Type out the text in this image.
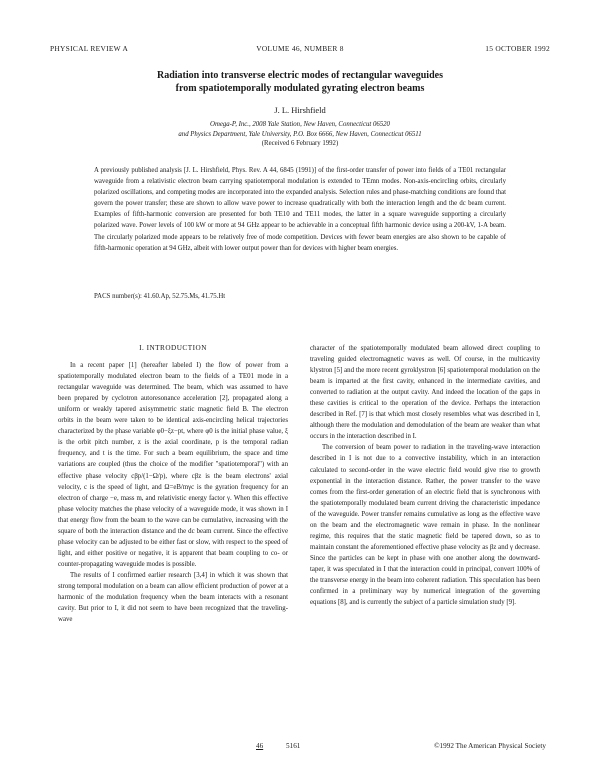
PHYSICAL REVIEW A	VOLUME 46, NUMBER 8	15 OCTOBER 1992
Radiation into transverse electric modes of rectangular waveguides
from spatiotemporally modulated gyrating electron beams
J. L. Hirshfield
Omega-P, Inc., 2008 Yale Station, New Haven, Connecticut 06520
and Physics Department, Yale University, P.O. Box 6666, New Haven, Connecticut 06511
(Received 6 February 1992)
A previously published analysis [J. L. Hirshfield, Phys. Rev. A 44, 6845 (1991)] of the first-order transfer of power into fields of a TE01 rectangular waveguide from a relativistic electron beam carrying spatiotemporal modulation is extended to TEmn modes. Non-axis-encircling orbits, circularly polarized oscillations, and competing modes are incorporated into the expanded analysis. Selection rules and phase-matching conditions are found that govern the power transfer; these are shown to allow wave power to increase quadratically with both the interaction length and the dc beam current. Examples of fifth-harmonic conversion are presented for both TE10 and TE11 modes, the latter in a square waveguide supporting a circularly polarized wave. Power levels of 100 kW or more at 94 GHz appear to be achievable in a conceptual fifth harmonic device using a 200-kV, 1-A beam. The circularly polarized mode appears to be relatively free of mode competition. Devices with fewer beam energies are also shown to be capable of fifth-harmonic operation at 94 GHz, albeit with lower output power than for devices with higher beam energies.
PACS number(s): 41.60.Ap, 52.75.Ms, 41.75.Ht
I. INTRODUCTION

In a recent paper [1] (hereafter labeled I) the flow of power from a spatiotemporally modulated electron beam to the fields of a TE01 mode in a rectangular waveguide was determined. The beam, which was assumed to have been prepared by cyclotron autoresonance acceleration [2], propagated along a uniform or weakly tapered axisymmetric static magnetic field B. The electron orbits in the beam were taken to be identical axis-encircling helical trajectories characterized by the phase variable φ0−ξz−pt, where φ0 is the initial phase value, ξ is the orbit pitch number, z is the axial coordinate, p is the temporal radian frequency, and t is the time. For such a beam equilibrium, the space and time variations are coupled (thus the choice of the modifier "spatiotemporal") with an effective phase velocity cβp/(1−Ω/p), where cβz is the beam electrons' axial velocity, c is the speed of light, and Ω=eB/mγc is the gyration frequency for an electron of charge −e, mass m, and relativistic energy factor γ. When this effective phase velocity matches the phase velocity of a waveguide mode, it was shown in I that energy flow from the beam to the wave can be cumulative, increasing with the square of both the interaction distance and the dc beam current. Since the effective phase velocity can be adjusted to be either fast or slow, with respect to the speed of light, and either positive or negative, it is apparent that beam coupling to co- or counter-propagating waveguide modes is possible.

The results of I confirmed earlier research [3,4] in which it was shown that strong temporal modulation on a beam can allow efficient production of power at a harmonic of the modulation frequency when the beam interacts with a resonant cavity. But prior to I, it did not seem to have been recognized that the traveling-wave

character of the spatiotemporally modulated beam allowed direct coupling to traveling guided electromagnetic waves as well. Of course, in the multicavity klystron [5] and the more recent gyroklystron [6] spatiotemporal modulation on the beam is imparted at the first cavity, enhanced in the intermediate cavities, and converted to radiation at the output cavity. And indeed the location of the gaps in these cavities is critical to the operation of the device. Perhaps the interaction described in Ref. [7] is that which most closely resembles what was described in I, although there the modulation and demodulation of the beam are weaker than what occurs in the interaction described in I.

The conversion of beam power to radiation in the traveling-wave interaction described in I is not due to a convective instability, which in an interaction calculated to second-order in the wave electric field would give rise to growth exponential in the interaction distance. Rather, the power transfer to the wave comes from the first-order generation of an electric field that is synchronous with the spatiotemporally modulated beam current driving the characteristic impedance of the waveguide. Power transfer remains cumulative as long as the effective wave on the beam and the electromagnetic wave remain in phase. In the nonlinear regime, this requires that the static magnetic field be tapered down, so as to maintain constant the aforementioned effective phase velocity as βz and γ decrease. Since the particles can be kept in phase with one another along the downward-taper, it was speculated in I that the interaction could in principal, convert 100% of the transverse energy in the beam into coherent radiation. This speculation has been confirmed in a preliminary way by numerical integration of the governing equations [8], and is currently the subject of a particle simulation study [9].

46	5161	©1992 The American Physical Society
